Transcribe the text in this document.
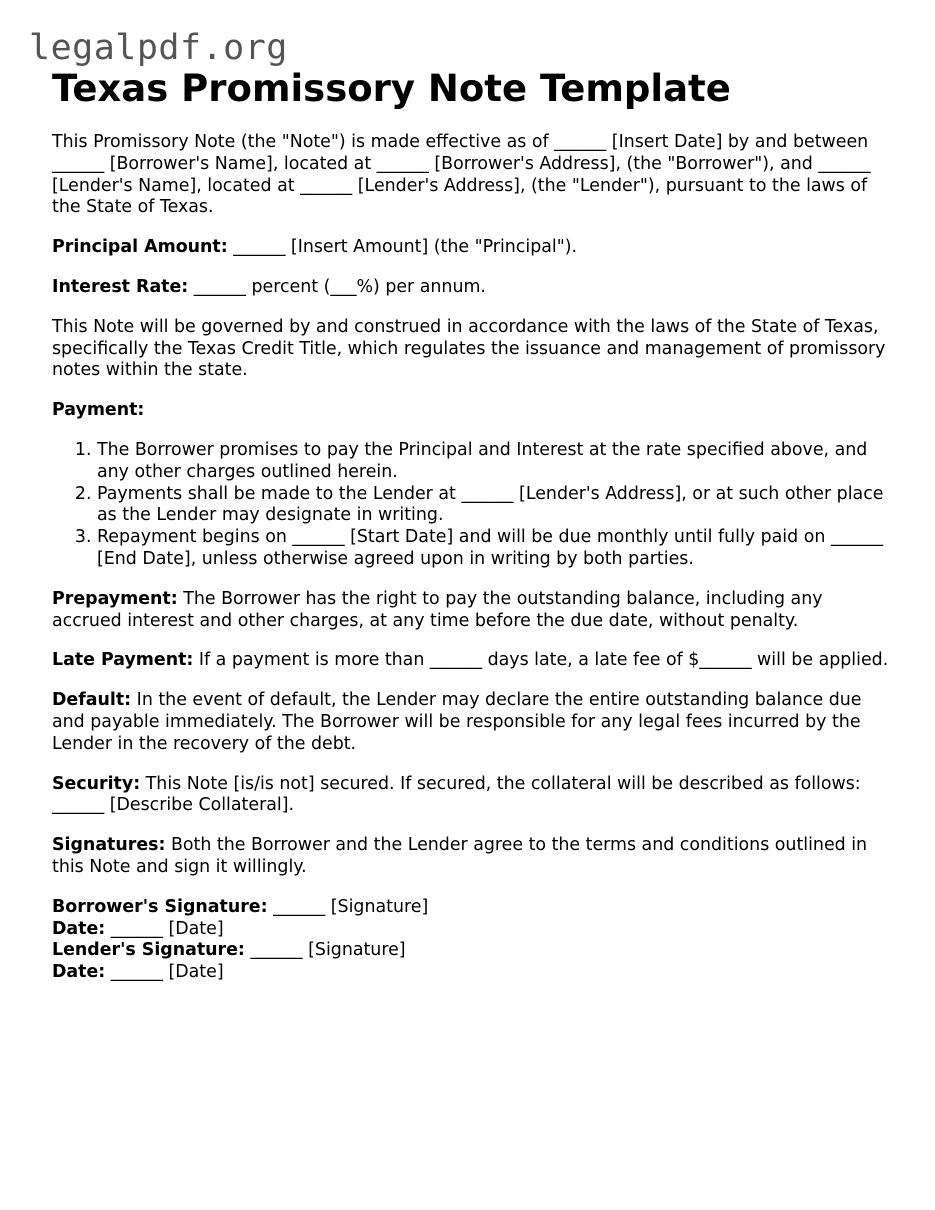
legalpdf.org
Texas Promissory Note Template

This Promissory Note (the "Note") is made effective as of ______ [Insert Date] by and between ______ [Borrower's Name], located at ______ [Borrower's Address], (the "Borrower"), and ______ [Lender's Name], located at ______ [Lender's Address], (the "Lender"), pursuant to the laws of the State of Texas.

Principal Amount: ______ [Insert Amount] (the "Principal").

Interest Rate: ______ percent (___%) per annum.

This Note will be governed by and construed in accordance with the laws of the State of Texas, specifically the Texas Credit Title, which regulates the issuance and management of promissory notes within the state.

Payment:

1. The Borrower promises to pay the Principal and Interest at the rate specified above, and any other charges outlined herein.
2. Payments shall be made to the Lender at ______ [Lender's Address], or at such other place as the Lender may designate in writing.
3. Repayment begins on ______ [Start Date] and will be due monthly until fully paid on ______ [End Date], unless otherwise agreed upon in writing by both parties.

Prepayment: The Borrower has the right to pay the outstanding balance, including any accrued interest and other charges, at any time before the due date, without penalty.

Late Payment: If a payment is more than ______ days late, a late fee of $______ will be applied.

Default: In the event of default, the Lender may declare the entire outstanding balance due and payable immediately. The Borrower will be responsible for any legal fees incurred by the Lender in the recovery of the debt.

Security: This Note [is/is not] secured. If secured, the collateral will be described as follows: ______ [Describe Collateral].

Signatures: Both the Borrower and the Lender agree to the terms and conditions outlined in this Note and sign it willingly.

Borrower's Signature: ______ [Signature]
Date: ______ [Date]
Lender's Signature: ______ [Signature]
Date: ______ [Date]
